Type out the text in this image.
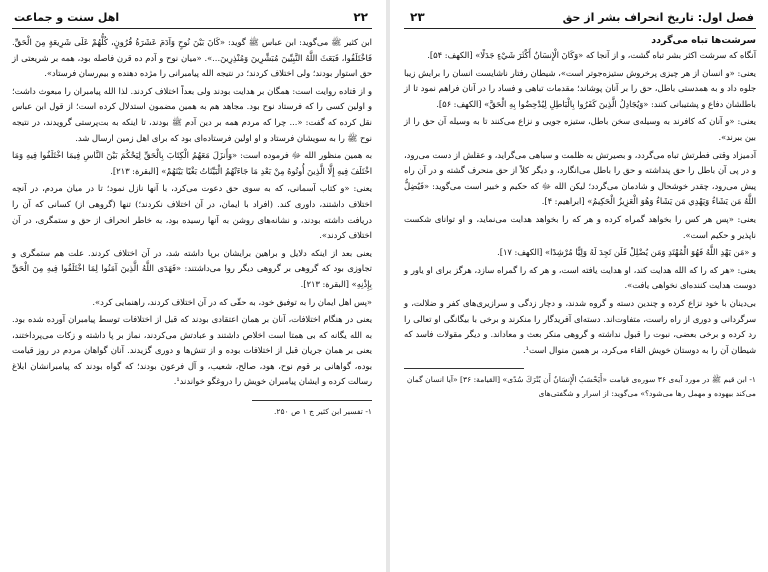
اهل سنت و جماعت	۲۲

ابن کثیر ﷺ می‌گوید: ابن عباس ﷺ گوید: «كَانَ بَيْنَ نُوحٍ وَآدَمَ عَشَرَةُ قُرُونٍ، كُلُّهُمْ عَلَى شَرِيعَةٍ مِنَ الْحَقِّ. فَاخْتَلَفُوا، فَبَعَثَ اللَّهُ النَّبِيِّينَ مُبَشِّرِينَ وَمُنْذِرِينَ...». «میان نوح و آدم ده قرن فاصله بود، همه بر شریعتی از حق استوار بودند؛ ولی اختلاف کردند؛ در نتیجه الله پیامبرانی را مژده دهنده و بیم‌رسان فرستاد».

و از قتاده روایت است: همگان بر هدایت بودند ولی بعداً اختلاف کردند. لذا الله پیامبران را مبعوث داشت؛ و اولین کسی را که فرستاد نوح بود. مجاهد هم به همین مضمون استدلال کرده است؛ از قول ابن عباس نقل کرده که گفت: «... چرا که مردم همه بر دین آدم ﷺ بودند، تا اینکه به بت‌پرستی گرویدند، در نتیجه نوح ﷺ را به سویشان فرستاد و او اولین فرستاده‌ای بود که برای اهل زمین ارسال شد.

به همین منظور الله ﷻ فرموده است: «وَأَنزَلَ مَعَهُمُ الْكِتَابَ بِالْحَقِّ لِيَحْكُمَ بَيْنَ النَّاسِ فِيمَا اخْتَلَفُوا فِيهِ وَمَا اخْتَلَفَ فِيهِ إِلَّا الَّذِينَ أُوتُوهُ مِنْ بَعْدِ مَا جَاءَتْهُمُ الْبَيِّنَاتُ بَغْيًا بَيْنَهُمْ» [البقرة: ۲۱۳].

یعنی: «و کتاب آسمانی، که به سوی حق دعوت می‌کرد، با آنها نازل نمود؛ تا در میان مردم، در آنچه اختلاف داشتند، داوری کند. (افراد با ایمان، در آن اختلاف نکردند؛) تنها (گروهی از) کسانی که آن را دریافت داشته بودند، و نشانه‌های روشن به آنها رسیده بود، به خاطر انحراف از حق و ستمگری، در آن اختلاف کردند».

یعنی بعد از اینکه دلایل و براهین برایشان برپا داشته شد، در آن اختلاف کردند. علت هم ستمگری و تجاوزی بود که گروهی بر گروهی دیگر روا می‌داشتند: «فَهَدَى اللَّهُ الَّذِينَ آمَنُوا لِمَا اخْتَلَفُوا فِيهِ مِنَ الْحَقِّ بِإِذْنِهِ» [البقرة: ۲۱۳].

«پس اهل ایمان را به توفیق خود، به حقّی که در آن اختلاف کردند، راهنمایی کرد».

یعنی در هنگام اختلافات، آنان بر همان اعتقادی بودند که قبل از اختلافات توسط پیامبران آورده شده بود. به الله یگانه که بی همتا است اخلاص داشتند و عبادتش می‌کردند، نماز بر پا داشته و زکات می‌پرداختند، یعنی بر همان جریان قبل از اختلافات بوده و از تنش‌ها و دوری گزیدند. آنان گواهان مردم در روز قیامت بوده، گواهانی بر قوم نوح، هود، صالح، شعیب، و آل فرعون بودند؛ که گواه بودند که پیامبرانشان ابلاغ رسالت کرده و ایشان پیامبران خویش را دروغگو خواندند¹.

۱- تفسیر ابن کثیر ج ۱ ص ۲۵۰.
فصل اول: تاریخ انحراف بشر از حق
۲۳
سرشت‌ها تباه می‌گردد

آنگاه که سرشت اکثر بشر تباه گشت، و از آنجا که «وَكَانَ الْإِنسَانُ أَكْثَرَ شَيْءٍ جَدَلًا» [الکهف: ۵۴].

یعنی: «و انسان از هر چیزی پرخروش ستیزه‌جوتر است»، شیطان رفتار ناشایست انسان را برایش زیبا جلوه داد و به همدستی باطل، حق را بر آنان پوشاند؛ مقدمات تباهی و فساد را در آنان فراهم نمود تا از باطلشان دفاع و پشتیبانی کنند: «وَيُجَادِلُ الَّذِينَ كَفَرُوا بِالْبَاطِلِ لِيُدْحِضُوا بِهِ الْحَقَّ» [الکهف: ۵۶].

یعنی: «و آنان که کافرند به وسیله‌ی سخن باطل، ستیزه جویی و نزاع می‌کنند تا به وسیله آن حق را از بین ببرند».

آدمیزاد وقتی فطرتش تباه می‌گردد، و بصیرتش به ظلمت و سیاهی می‌گراید، و عقلش از دست می‌رود، و در پی آن باطل را حق پنداشته و حق را باطل می‌انگارد، و دیگر کلاً از حق منحرف گشته و در آن راه پیش می‌رود، چقدر خوشحال و شادمان می‌گردد؛ لیکن الله ﷻ که حکیم و خبیر است می‌گوید: «فَيُضِلُّ اللَّهُ مَن يَشَاءُ وَيَهْدِي مَن يَشَاءُ وَهُوَ الْعَزِيزُ الْحَكِيمُ» [ابراهیم: ۴].

یعنی: «پس هر کس را بخواهد گمراه کرده و هر که را بخواهد هدایت می‌نماید، و او توانای شکست ناپذیر و حکیم است».

و «مَن يَهْدِ اللَّهُ فَهُوَ الْمُهْتَدِ وَمَن يُضْلِلْ فَلَن تَجِدَ لَهُ وَلِيًّا مُرْشِدًا» [الکهف: ۱۷].

یعنی: «هر که را که الله هدایت کند، او هدایت یافته است، و هر که را گمراه سازد، هرگز برای او یاور و دوست هدایت کننده‌ای نخواهی یافت».

بی‌دینان با خود نزاع کرده و چندین دسته و گروه شدند، و دچار زدگی و سرازیری‌های کفر و ضلالت، و سرگردانی و دوری از راه راست، متفاوت‌اند. دسته‌ای آفریدگار را منکرند و برخی با بیگانگی او تعالی را رد کرده و برخی بعضی، نبوت را قبول نداشته و گروهی منکر بعث و معاداند. و دیگر مقولات فاسد که شیطان آن را به دوستان خویش القاء می‌کرد، بر همین منوال است¹.

۱- ابن قیم ﷺ در مورد آیه‌ی ۳۶ سوره‌ی قیامت «أَيَحْسَبُ الْإِنسَانُ أَن يُتْرَكَ سُدًى» [القیامة: ۳۶] «آیا انسان گمان می‌کند بیهوده و مهمل رها می‌شود؟» می‌گوید: از اسرار و شگفتی‌های
